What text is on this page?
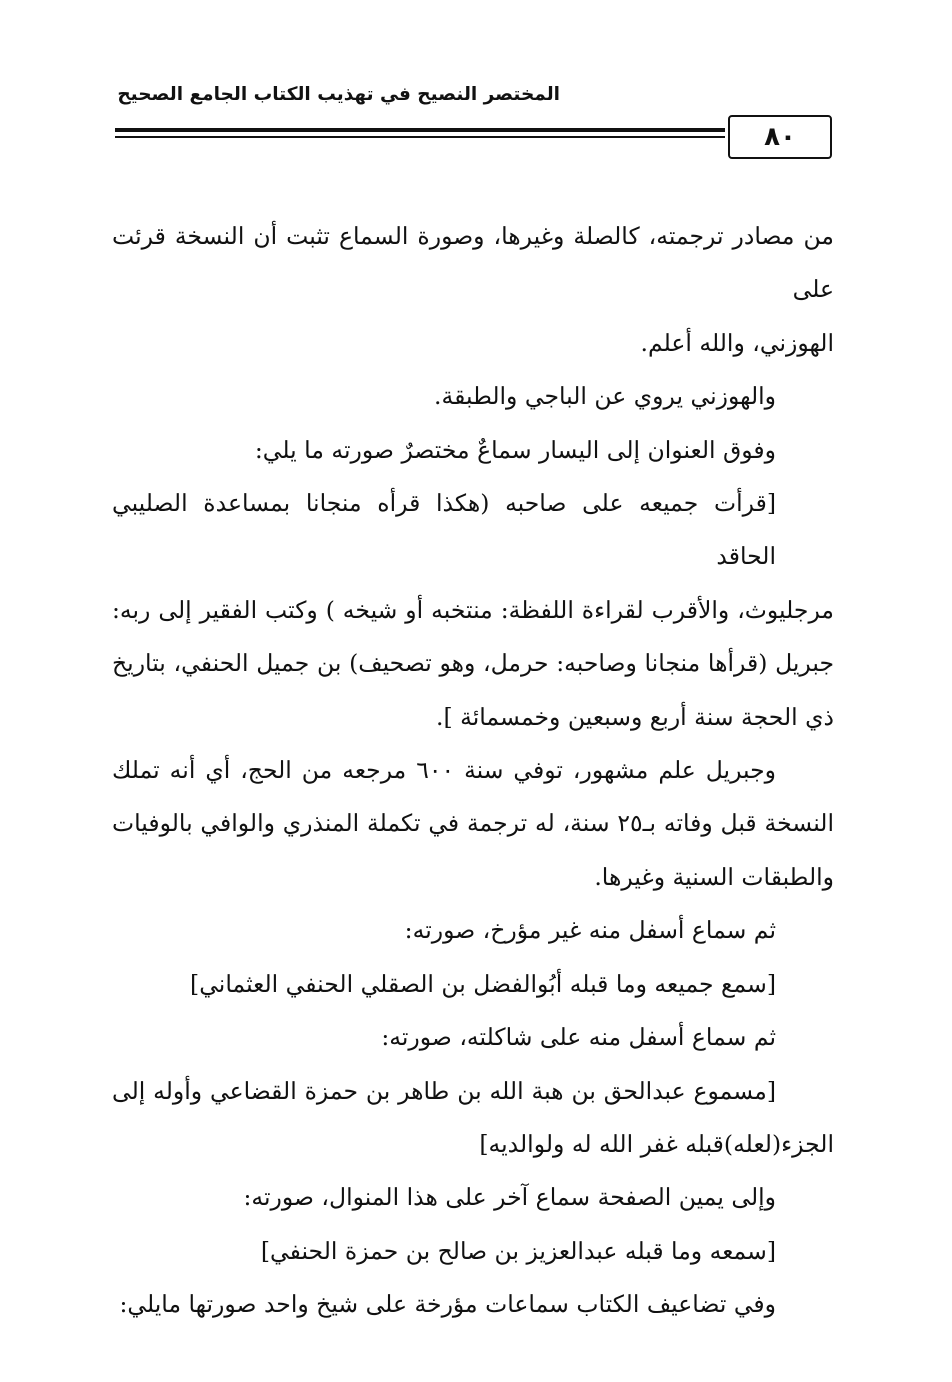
المختصر النصيح في تهذيب الكتاب الجامع الصحيح
٨٠

من مصادر ترجمته، كالصلة وغيرها، وصورة السماع تثبت أن النسخة قرئت على

الهوزني، والله أعلم.

والهوزني يروي عن الباجي والطبقة.

وفوق العنوان إلى اليسار سماعٌ مختصرٌ صورته ما يلي:

[قرأت جميعه على صاحبه (هكذا قرأه منجانا بمساعدة الصليبي الحاقد

مرجليوث، والأقرب لقراءة اللفظة: منتخبه أو شيخه ) وكتب الفقير إلى ربه:

جبريل (قرأها منجانا وصاحبه: حرمل، وهو تصحيف) بن جميل الحنفي، بتاريخ

ذي الحجة سنة أربع وسبعين وخمسمائة ].

وجبريل علم مشهور، توفي سنة ٦٠٠ مرجعه من الحج، أي أنه تملك

النسخة قبل وفاته بـ٢٥ سنة، له ترجمة في تكملة المنذري والوافي بالوفيات

والطبقات السنية وغيرها.

ثم سماع أسفل منه غير مؤرخ، صورته:

[سمع جميعه وما قبله أبُوالفضل بن الصقلي الحنفي العثماني]

ثم سماع أسفل منه على شاكلته، صورته:

[مسموع عبدالحق بن هبة الله بن طاهر بن حمزة القضاعي وأوله إلى

الجزء(لعله)قبله غفر الله له ولوالديه]

وإلى يمين الصفحة سماع آخر على هذا المنوال، صورته:

[سمعه وما قبله عبدالعزيز بن صالح بن حمزة الحنفي]

وفي تضاعيف الكتاب سماعات مؤرخة على شيخ واحد صورتها مايلي:
